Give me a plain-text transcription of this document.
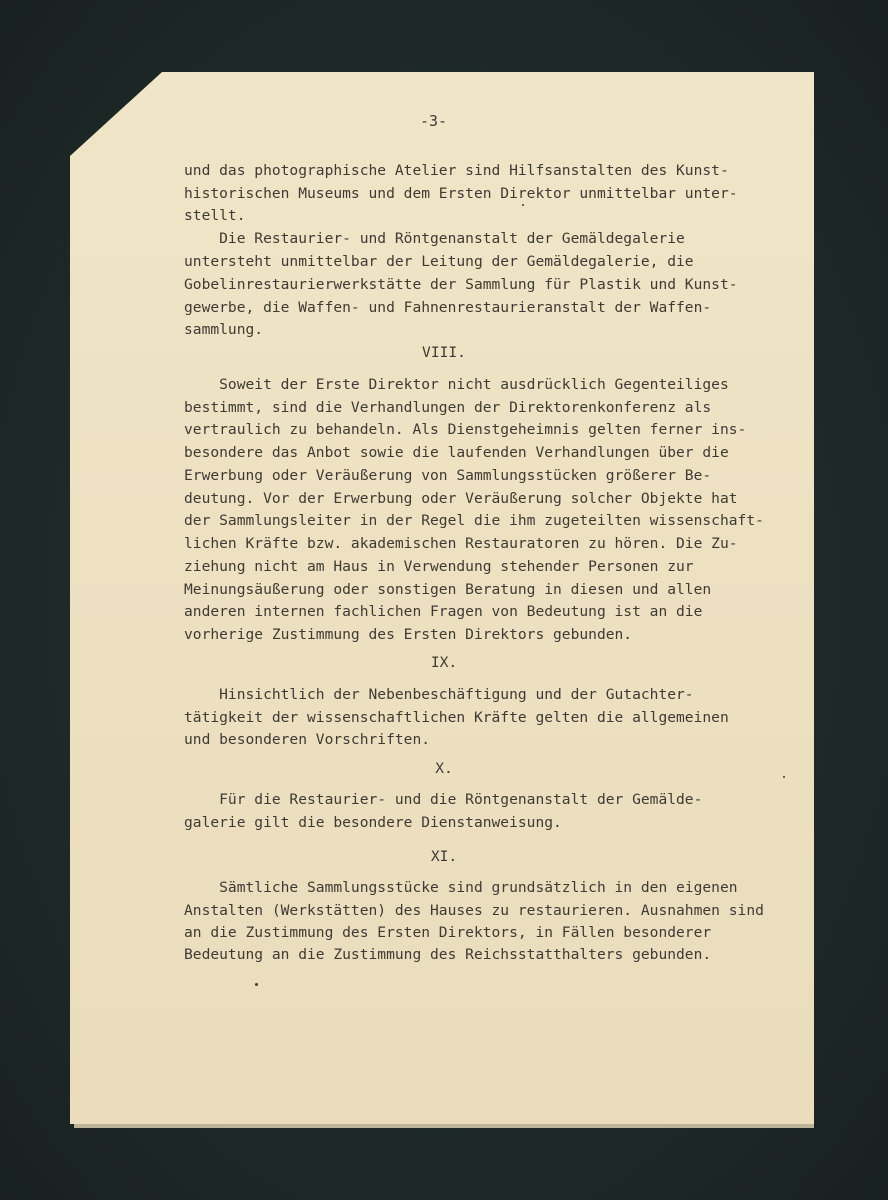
-3-
und das photographische Atelier sind Hilfsanstalten des Kunst-
historischen Museums und dem Ersten Direktor unmittelbar unter-
stellt.
Die Restaurier- und Röntgenanstalt der Gemäldegalerie
untersteht unmittelbar der Leitung der Gemäldegalerie, die
Gobelinrestaurierwerkstätte der Sammlung für Plastik und Kunst-
gewerbe, die Waffen- und Fahnenrestaurieranstalt der Waffen-
sammlung.
VIII.
Soweit der Erste Direktor nicht ausdrücklich Gegenteiliges
bestimmt, sind die Verhandlungen der Direktorenkonferenz als
vertraulich zu behandeln. Als Dienstgeheimnis gelten ferner ins-
besondere das Anbot sowie die laufenden Verhandlungen über die
Erwerbung oder Veräußerung von Sammlungsstücken größerer Be-
deutung. Vor der Erwerbung oder Veräußerung solcher Objekte hat
der Sammlungsleiter in der Regel die ihm zugeteilten wissenschaft-
lichen Kräfte bzw. akademischen Restauratoren zu hören. Die Zu-
ziehung nicht am Haus in Verwendung stehender Personen zur
Meinungsäußerung oder sonstigen Beratung in diesen und allen
anderen internen fachlichen Fragen von Bedeutung ist an die
vorherige Zustimmung des Ersten Direktors gebunden.
IX.
Hinsichtlich der Nebenbeschäftigung und der Gutachter-
tätigkeit der wissenschaftlichen Kräfte gelten die allgemeinen
und besonderen Vorschriften.
X.
Für die Restaurier- und die Röntgenanstalt der Gemälde-
galerie gilt die besondere Dienstanweisung.
XI.
Sämtliche Sammlungsstücke sind grundsätzlich in den eigenen
Anstalten (Werkstätten) des Hauses zu restaurieren. Ausnahmen sind
an die Zustimmung des Ersten Direktors, in Fällen besonderer
Bedeutung an die Zustimmung des Reichsstatthalters gebunden.
